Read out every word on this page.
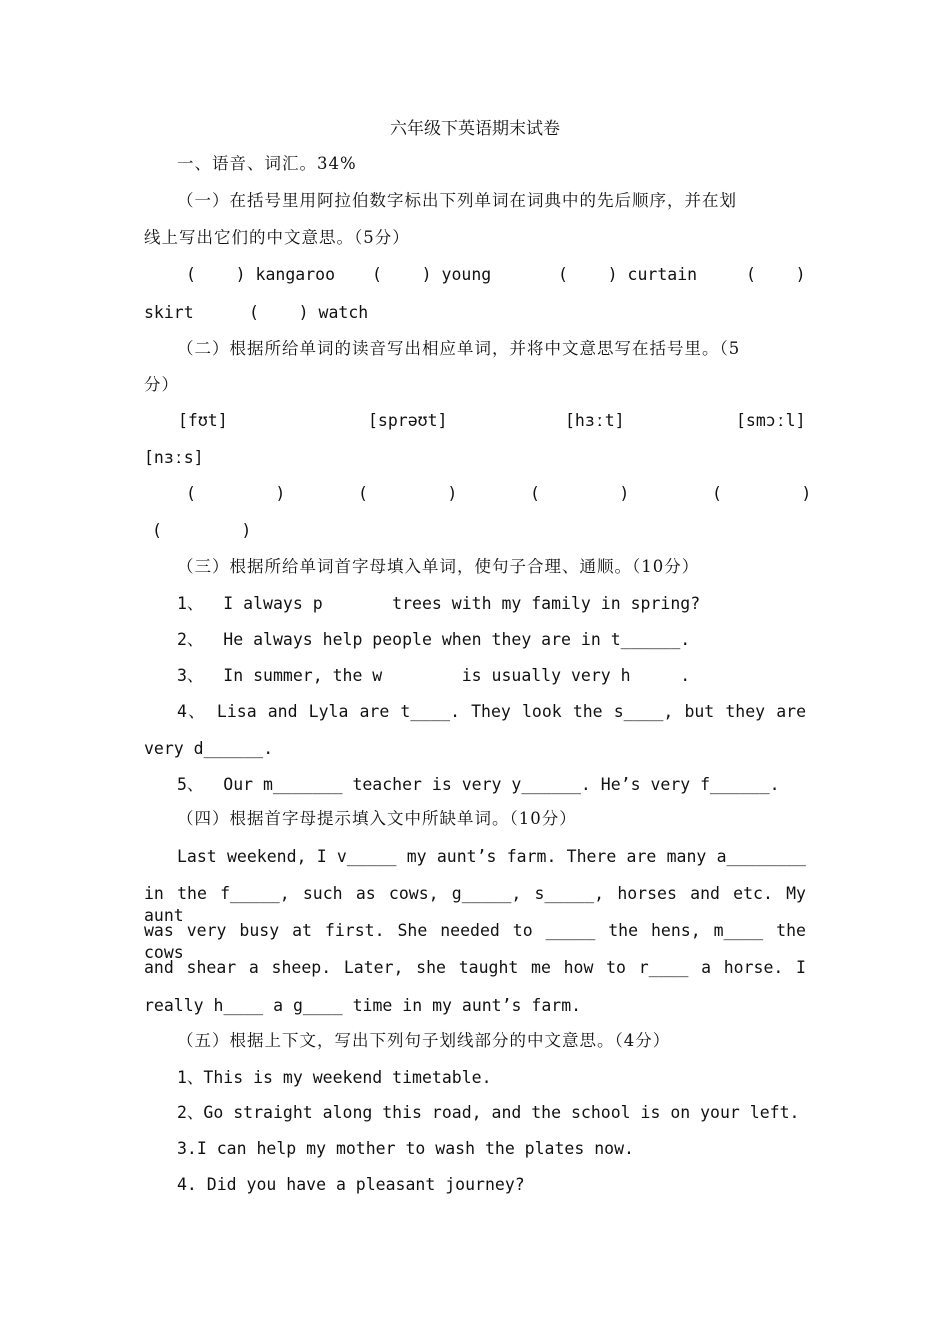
六年级下英语期末试卷
一、语音、词汇。34%
（一）在括号里用阿拉伯数字标出下列单词在词典中的先后顺序，并在划
线上写出它们的中文意思。（5分）
(    ) kangaroo (    ) young	(    ) curtain	(    )
skirt	(    ) watch
（二）根据所给单词的读音写出相应单词，并将中文意思写在括号里。（5
分）
[fʊt]	[sprəʊt]	[hɜːt]	[smɔːl]
[nɜːs]
(        )	(        )	(        )	(        )
(        )
（三）根据所给单词首字母填入单词，使句子合理、通顺。（10分）
1、  I always p       trees with my family in spring?
2、  He always help people when they are in t______.
3、  In summer, the w        is usually very h     .
4、 Lisa and Lyla are t____. They look the s____, but they are
very d______.
5、  Our m_______ teacher is very y______. He’s very f______.
（四）根据首字母提示填入文中所缺单词。（10分）
Last weekend, I v_____ my aunt’s farm. There are many a________
in the f_____, such as cows, g_____, s_____, horses and etc. My aunt
was very busy at first. She needed to _____ the hens, m____ the cows
and shear a sheep. Later, she taught me how to r____ a horse. I
really h____ a g____ time in my aunt’s farm.
（五）根据上下文，写出下列句子划线部分的中文意思。（4分）
1、This is my weekend timetable.
2、Go straight along this road, and the school is on your left.
3.I can help my mother to wash the plates now.
4. Did you have a pleasant journey?
